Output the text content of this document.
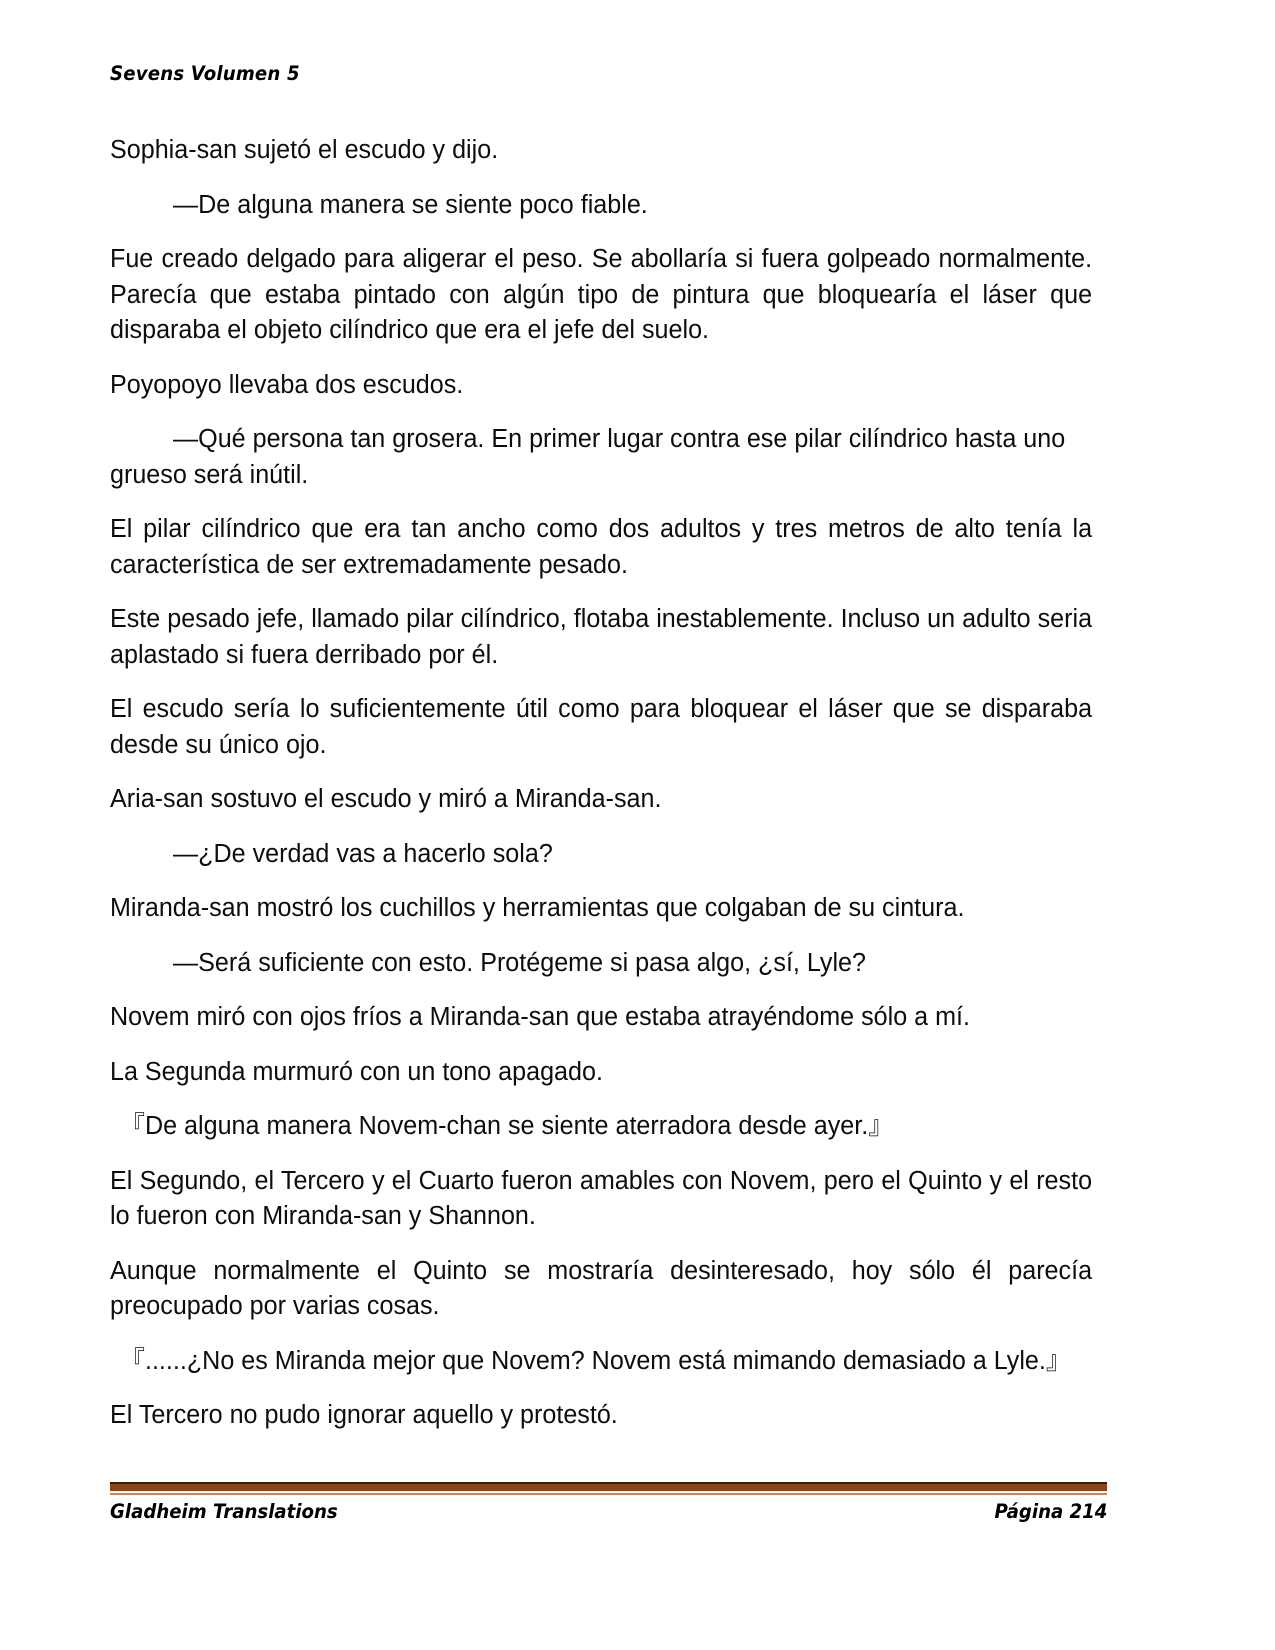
Sevens Volumen 5

Sophia-san sujetó el escudo y dijo.

—De alguna manera se siente poco fiable.

Fue creado delgado para aligerar el peso. Se abollaría si fuera golpeado normalmente. Parecía que estaba pintado con algún tipo de pintura que bloquearía el láser que disparaba el objeto cilíndrico que era el jefe del suelo.

Poyopoyo llevaba dos escudos.

—Qué persona tan grosera. En primer lugar contra ese pilar cilíndrico hasta uno grueso será inútil.

El pilar cilíndrico que era tan ancho como dos adultos y tres metros de alto tenía la característica de ser extremadamente pesado.

Este pesado jefe, llamado pilar cilíndrico, flotaba inestablemente. Incluso un adulto seria aplastado si fuera derribado por él.

El escudo sería lo suficientemente útil como para bloquear el láser que se disparaba desde su único ojo.

Aria-san sostuvo el escudo y miró a Miranda-san.

—¿De verdad vas a hacerlo sola?

Miranda-san mostró los cuchillos y herramientas que colgaban de su cintura.

—Será suficiente con esto. Protégeme si pasa algo, ¿sí, Lyle?

Novem miró con ojos fríos a Miranda-san que estaba atrayéndome sólo a mí.

La Segunda murmuró con un tono apagado.

『De alguna manera Novem-chan se siente aterradora desde ayer.』

El Segundo, el Tercero y el Cuarto fueron amables con Novem, pero el Quinto y el resto lo fueron con Miranda-san y Shannon.

Aunque normalmente el Quinto se mostraría desinteresado, hoy sólo él parecía preocupado por varias cosas.

『......¿No es Miranda mejor que Novem? Novem está mimando demasiado a Lyle.』

El Tercero no pudo ignorar aquello y protestó.

Gladheim Translations	Página 214
